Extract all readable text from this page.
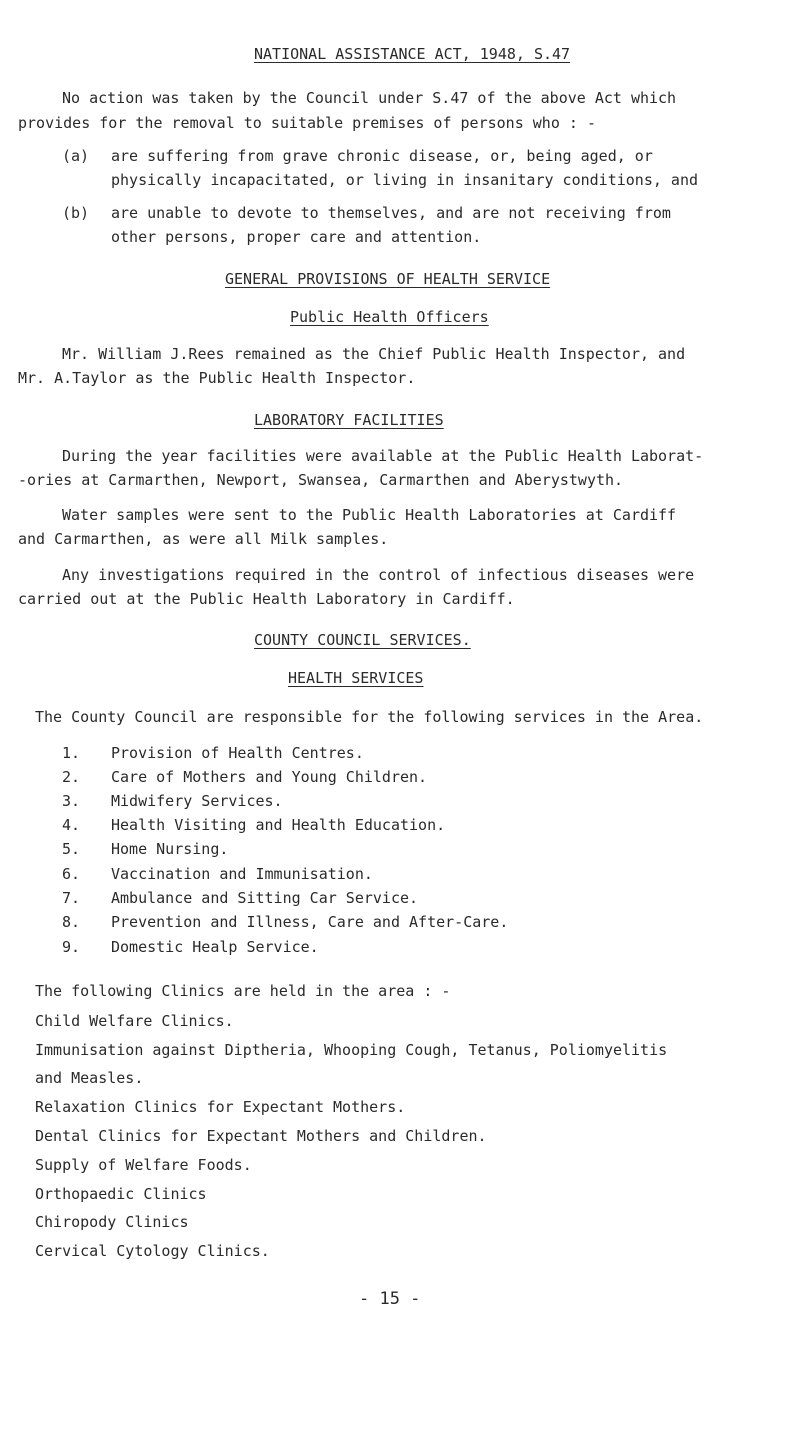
NATIONAL ASSISTANCE ACT, 1948, S.47
No action was taken by the Council under S.47 of the above Act which
provides for the removal to suitable premises of persons who : -
(a) are suffering from grave chronic disease, or, being aged, or
physically incapacitated, or living in insanitary conditions, and
(b) are unable to devote to themselves, and are not receiving from
other persons, proper care and attention.
GENERAL PROVISIONS OF HEALTH SERVICE
Public Health Officers
Mr. William J.Rees remained as the Chief Public Health Inspector, and
Mr. A.Taylor as the Public Health Inspector.
LABORATORY FACILITIES
During the year facilities were available at the Public Health Laborat-
-ories at Carmarthen, Newport, Swansea, Carmarthen and Aberystwyth.
Water samples were sent to the Public Health Laboratories at Cardiff
and Carmarthen, as were all Milk samples.
Any investigations required in the control of infectious diseases were
carried out at the Public Health Laboratory in Cardiff.
COUNTY COUNCIL SERVICES.
HEALTH SERVICES
The County Council are responsible for the following services in the Area.
1. Provision of Health Centres.
2. Care of Mothers and Young Children.
3. Midwifery Services.
4. Health Visiting and Health Education.
5. Home Nursing.
6. Vaccination and Immunisation.
7. Ambulance and Sitting Car Service.
8. Prevention and Illness, Care and After-Care.
9. Domestic Healp Service.
The following Clinics are held in the area : -
Child Welfare Clinics.
Immunisation against Diptheria, Whooping Cough, Tetanus, Poliomyelitis
and Measles.
Relaxation Clinics for Expectant Mothers.
Dental Clinics for Expectant Mothers and Children.
Supply of Welfare Foods.
Orthopaedic Clinics
Chiropody Clinics
Cervical Cytology Clinics.
- 15 -
